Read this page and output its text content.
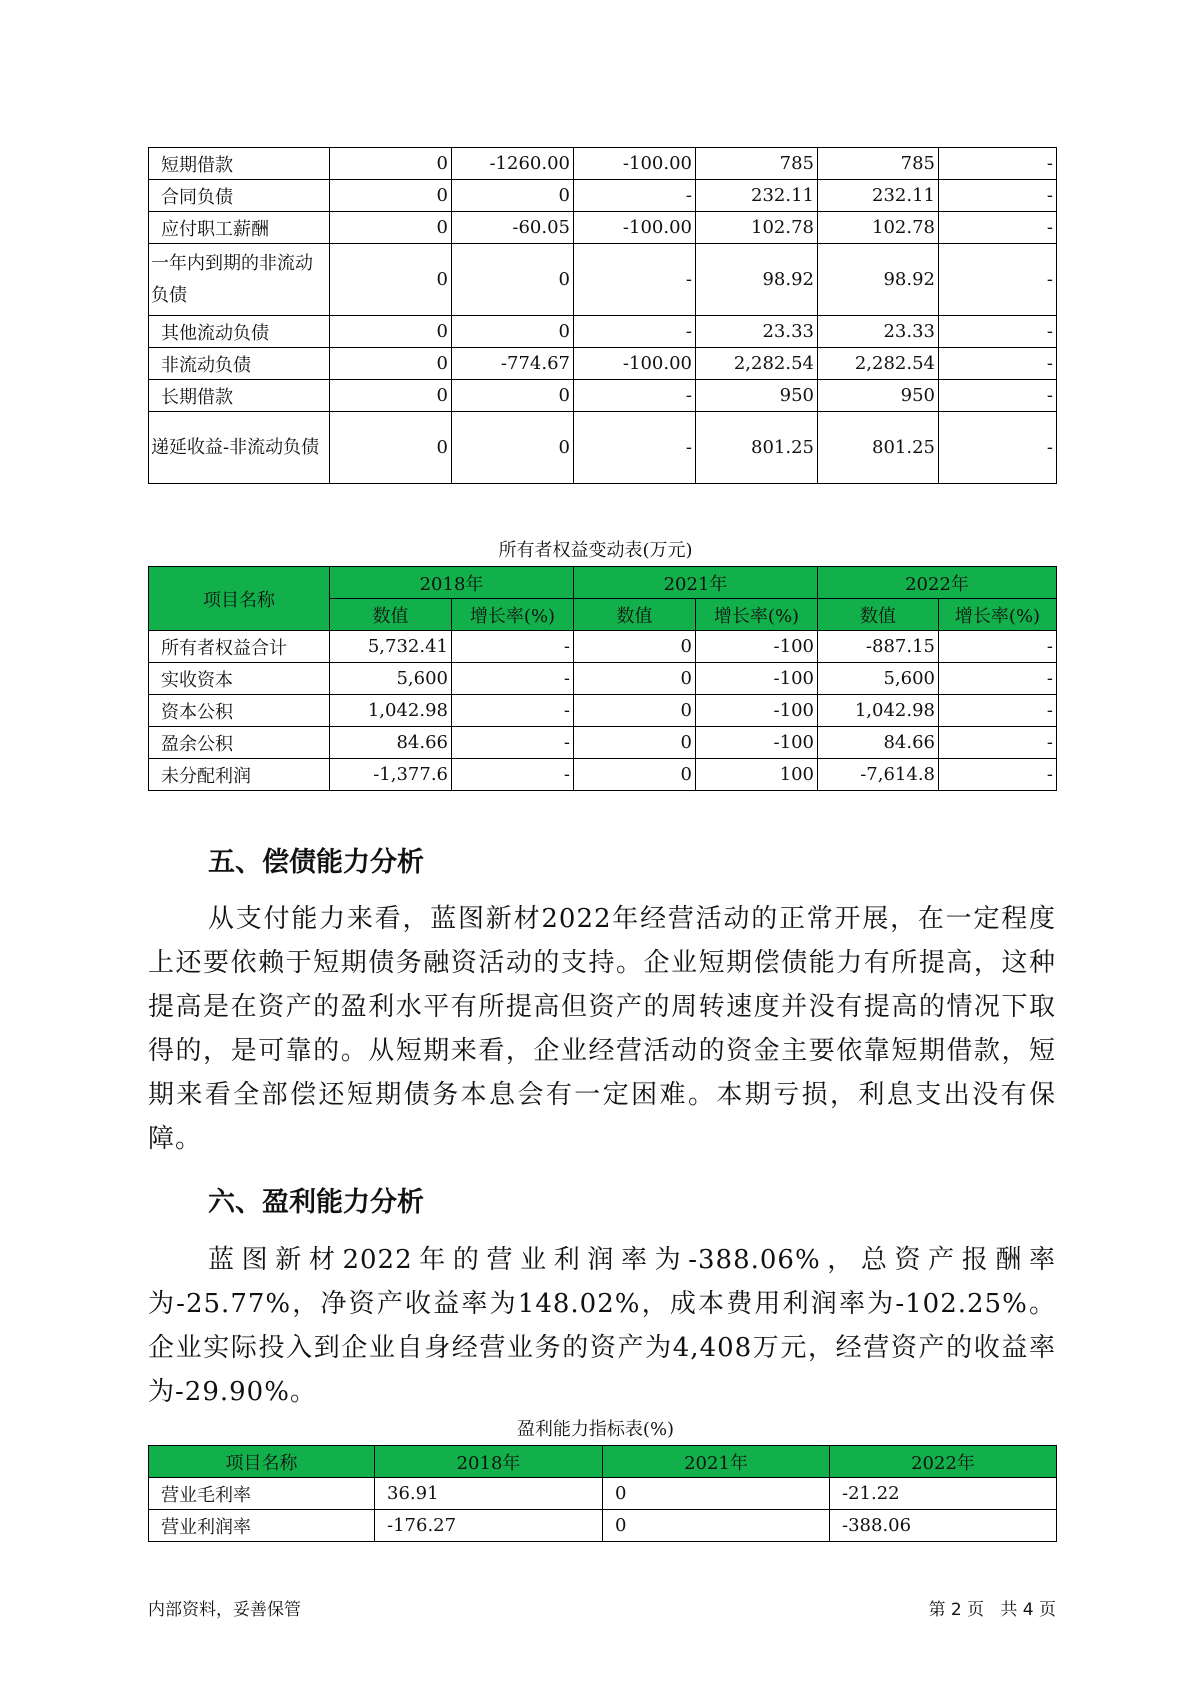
短期借款	0	-1260.00	-100.00	785	785	-
合同负债	0	0	-	232.11	232.11	-
应付职工薪酬	0	-60.05	-100.00	102.78	102.78	-
一年内到期的非流动负债	0	0	-	98.92	98.92	-
其他流动负债	0	0	-	23.33	23.33	-
非流动负债	0	-774.67	-100.00	2,282.54	2,282.54	-
长期借款	0	0	-	950	950	-
递延收益-非流动负债	0	0	-	801.25	801.25	-
所有者权益变动表(万元)
项目名称	2018年		2021年		2022年	
	数值	增长率(%)	数值	增长率(%)	数值	增长率(%)
所有者权益合计	5,732.41	-	0	-100	-887.15	-
实收资本	5,600	-	0	-100	5,600	-
资本公积	1,042.98	-	0	-100	1,042.98	-
盈余公积	84.66	-	0	-100	84.66	-
未分配利润	-1,377.6	-	0	100	-7,614.8	-
五、偿债能力分析

从支付能力来看，蓝图新材2022年经营活动的正常开展，在一定程度上还要依赖于短期债务融资活动的支持。企业短期偿债能力有所提高，这种提高是在资产的盈利水平有所提高但资产的周转速度并没有提高的情况下取得的，是可靠的。从短期来看，企业经营活动的资金主要依靠短期借款，短期来看全部偿还短期债务本息会有一定困难。本期亏损，利息支出没有保障。

六、盈利能力分析

蓝图新材2022年的营业利润率为-388.06%，总资产报酬率为-25.77%，净资产收益率为148.02%，成本费用利润率为-102.25%。企业实际投入到企业自身经营业务的资产为4,408万元，经营资产的收益率为-29.90%。

盈利能力指标表(%)
项目名称	2018年	2021年	2022年
营业毛利率	36.91	0	-21.22
营业利润率	-176.27	0	-388.06
内部资料，妥善保管	第 2 页   共 4 页
